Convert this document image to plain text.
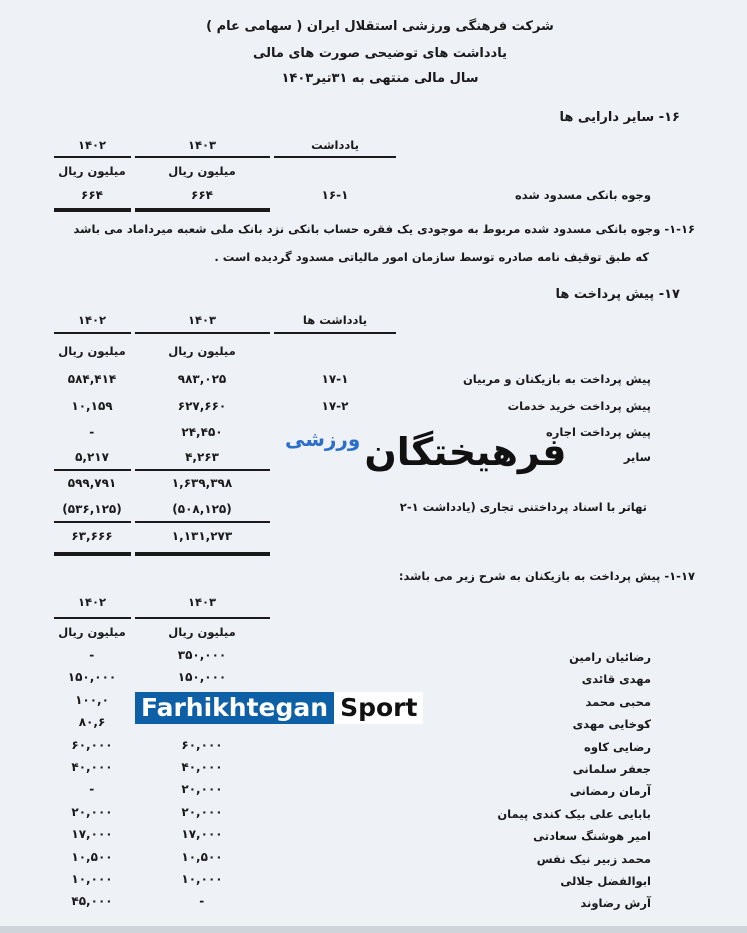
شرکت فرهنگی ورزشی استقلال ایران ( سهامی عام )
یادداشت های توضیحی صورت های مالی
سال مالی منتهی به ۳۱تیر۱۴۰۳
۱۶- سایر دارایی ها
یادداشت
۱۴۰۳
۱۴۰۲
میلیون ریال
میلیون ریال
وجوه بانکی مسدود شده
۱۶-۱
۶۶۴
۶۶۴
۱-۱۶- وجوه بانکی مسدود شده مربوط به موجودی یک فقره حساب بانکی نزد بانک ملی شعبه میرداماد می باشد
که طبق توقیف نامه صادره توسط سازمان امور مالیاتی مسدود گردیده است .
۱۷- پیش پرداخت ها
یادداشت ها
۱۴۰۳
۱۴۰۲
میلیون ریال
میلیون ریال
پیش پرداخت به بازیکنان و مربیان
۱۷-۱
۹۸۳,۰۲۵
۵۸۴,۴۱۴
پیش پرداخت خرید خدمات
۱۷-۲
۶۲۷,۶۶۰
۱۰,۱۵۹
پیش پرداخت اجاره
۲۴,۴۵۰
-
سایر
۴,۲۶۳
۵,۲۱۷
۱,۶۳۹,۳۹۸
۵۹۹,۷۹۱
تهاتر با اسناد پرداختنی تجاری (یادداشت ۱-۲
(۵۰۸,۱۲۵)
(۵۳۶,۱۲۵)
۱,۱۳۱,۲۷۳
۶۳,۶۶۶
۱-۱۷- پیش پرداخت به بازیکنان به شرح زیر می باشد:
۱۴۰۳
۱۴۰۲
میلیون ریال
میلیون ریال
رضائیان رامین
۳۵۰,۰۰۰
-
مهدی قائدی
۱۵۰,۰۰۰
۱۵۰,۰۰۰
محبی محمد
۱۰۰,۰
کوخایی مهدی
۸۰,۶
رضایی کاوه
۶۰,۰۰۰
۶۰,۰۰۰
جعفر سلمانی
۴۰,۰۰۰
۴۰,۰۰۰
آرمان رمضانی
۲۰,۰۰۰
-
بابایی علی بیک کندی پیمان
۲۰,۰۰۰
۲۰,۰۰۰
امیر هوشنگ سعادتی
۱۷,۰۰۰
۱۷,۰۰۰
محمد زبیر نیک نفس
۱۰,۵۰۰
۱۰,۵۰۰
ابوالفضل جلالی
۱۰,۰۰۰
۱۰,۰۰۰
آرش رضاوند
-
۴۵,۰۰۰
ورزشی فرهیختگان
Farhikhtegan Sport
